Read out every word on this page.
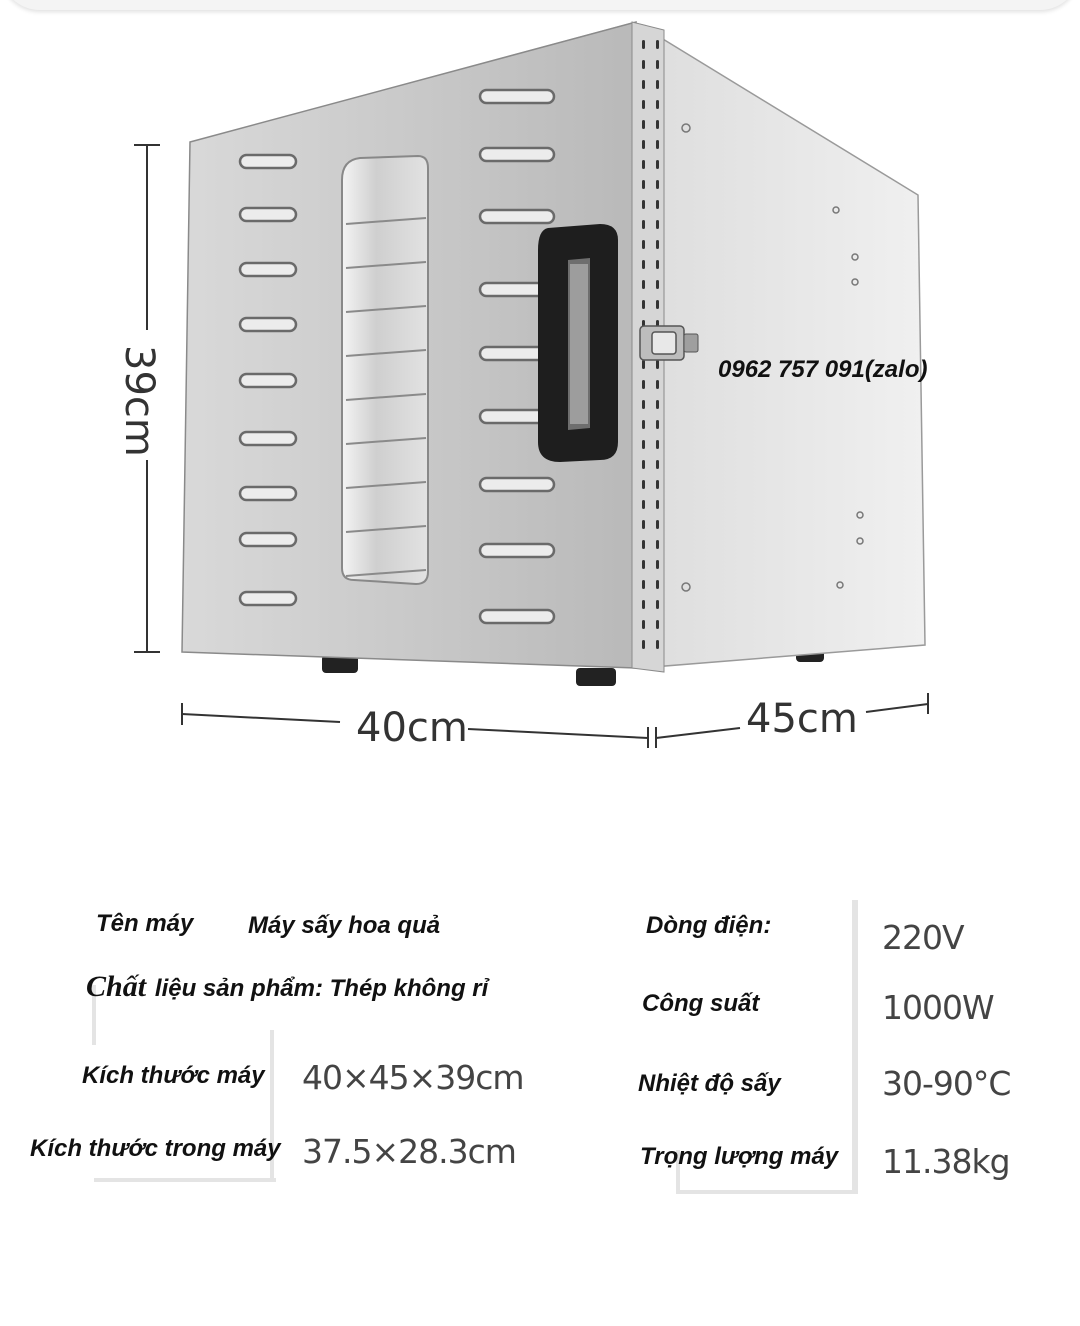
39cm
40cm	45cm
0962 757 091(zalo)
Tên máy Máy sấy hoa quả
Chất liệu sản phẩm: Thép không rỉ
Kích thước máy 40×45×39cm
Kích thước trong máy 37.5×28.3cm
Dòng điện:	220V
Công suất	1000W
Nhiệt độ sấy	30-90°C
Trọng lượng máy 11.38kg
